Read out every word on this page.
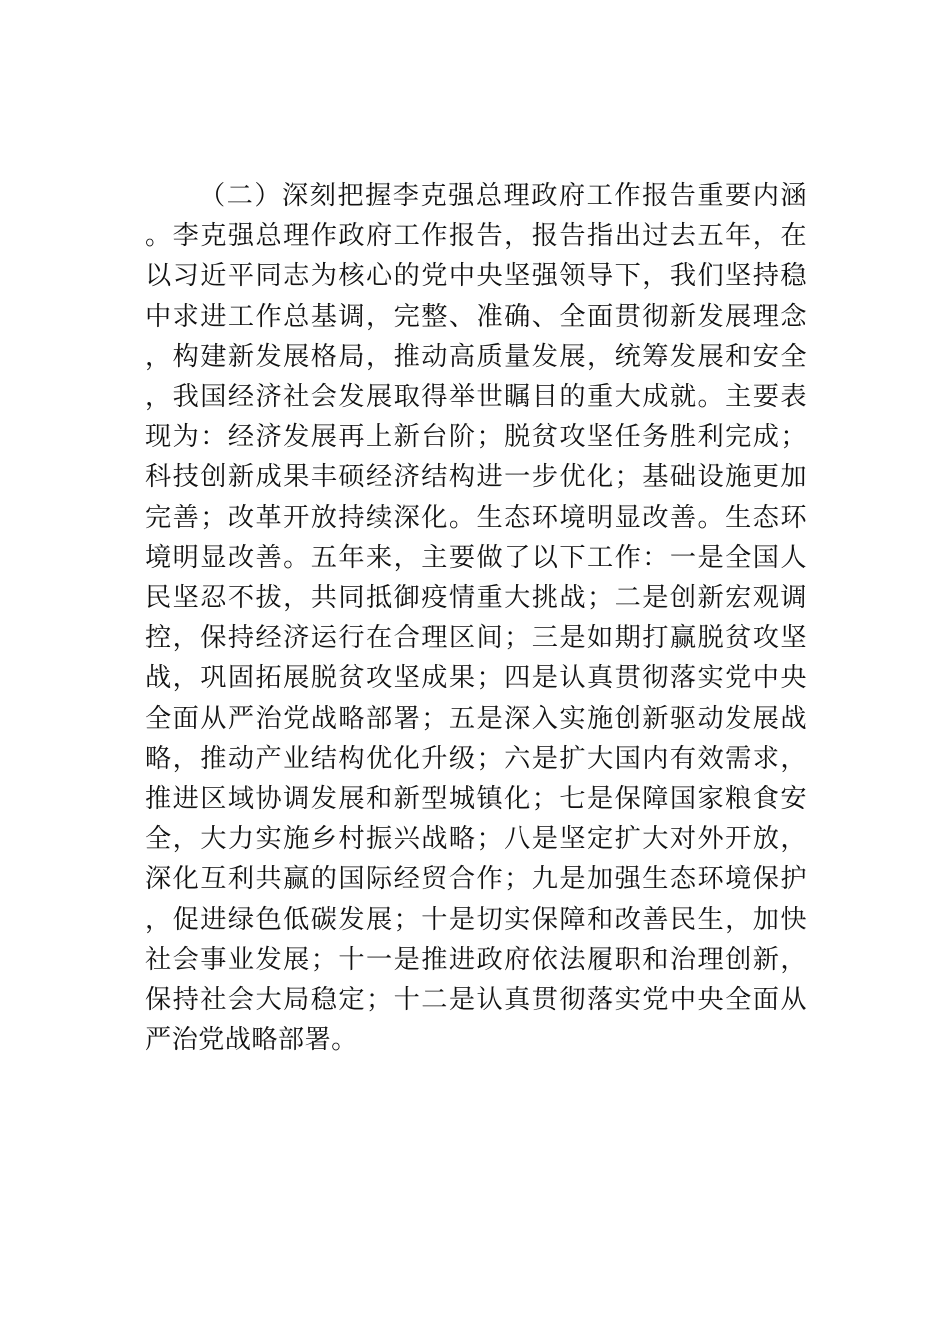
（二）深刻把握李克强总理政府工作报告重要内涵。李克强总理作政府工作报告，报告指出过去五年，在以习近平同志为核心的党中央坚强领导下，我们坚持稳中求进工作总基调，完整、准确、全面贯彻新发展理念，构建新发展格局，推动高质量发展，统筹发展和安全，我国经济社会发展取得举世瞩目的重大成就。主要表现为：经济发展再上新台阶；脱贫攻坚任务胜利完成；科技创新成果丰硕经济结构进一步优化；基础设施更加完善；改革开放持续深化。生态环境明显改善。生态环境明显改善。五年来，主要做了以下工作：一是全国人民坚忍不拔，共同抵御疫情重大挑战；二是创新宏观调控，保持经济运行在合理区间；三是如期打赢脱贫攻坚战，巩固拓展脱贫攻坚成果；四是认真贯彻落实党中央全面从严治党战略部署；五是深入实施创新驱动发展战略，推动产业结构优化升级；六是扩大国内有效需求，推进区域协调发展和新型城镇化；七是保障国家粮食安全，大力实施乡村振兴战略；八是坚定扩大对外开放，深化互利共赢的国际经贸合作；九是加强生态环境保护，促进绿色低碳发展；十是切实保障和改善民生，加快社会事业发展；十一是推进政府依法履职和治理创新，保持社会大局稳定；十二是认真贯彻落实党中央全面从严治党战略部署。
